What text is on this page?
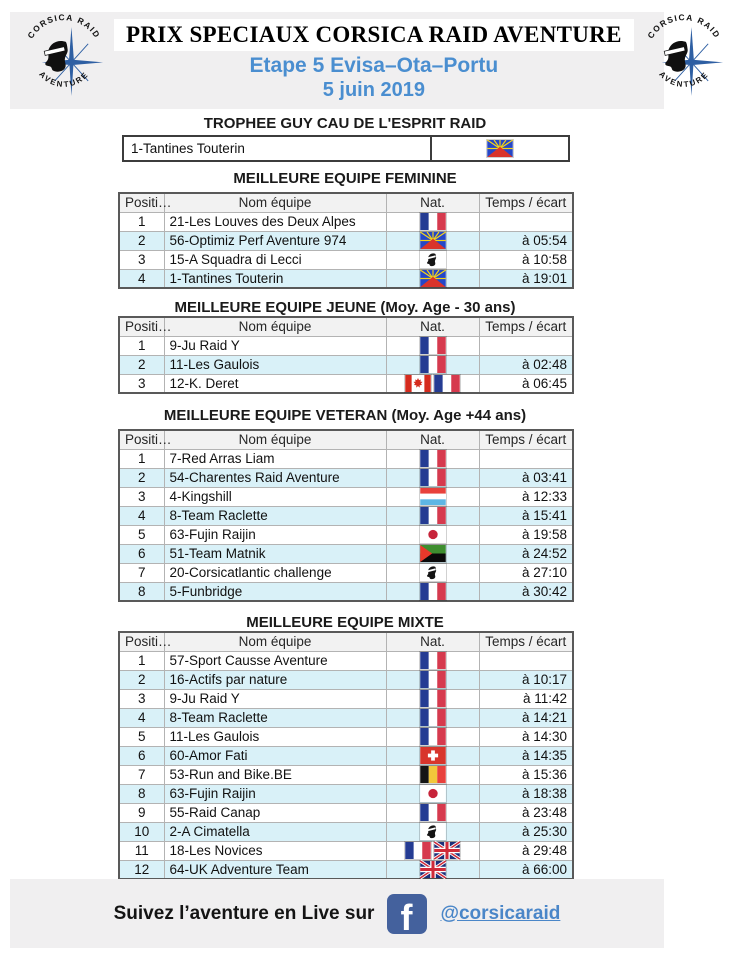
CORSICA RAID
AVENTURE
PRIX SPECIAUX CORSICA RAID AVENTURE
Etape 5 Evisa–Ota–Portu
5 juin 2019
CORSICA RAID
AVENTURE
TROPHEE GUY CAU DE L'ESPRIT RAID
1-Tantines Touterin
MEILLEURE EQUIPE FEMININE
Positi…	Nom équipe	Nat.	Temps / écart
1	21-Les Louves des Deux Alpes	

2	56-Optimiz Perf Aventure 974		à 05:54
3	15-A Squadra di Lecci		à 10:58
4	1-Tantines Touterin		à 19:01
MEILLEURE EQUIPE JEUNE (Moy. Age - 30 ans)
Positi…	Nom équipe	Nat.	Temps / écart
1	9-Ju Raid Y	

2	11-Les Gaulois		à 02:48
3	12-K. Deret		à 06:45
MEILLEURE EQUIPE VETERAN (Moy. Age +44 ans)
Positi…	Nom équipe	Nat.	Temps / écart
1	7-Red Arras Liam	

2	54-Charentes Raid Aventure		à 03:41
3	4-Kingshill		à 12:33
4	8-Team Raclette		à 15:41
5	63-Fujin Raijin		à 19:58
6	51-Team Matnik		à 24:52
7	20-Corsicatlantic challenge		à 27:10
8	5-Funbridge		à 30:42
MEILLEURE EQUIPE MIXTE
Positi…	Nom équipe	Nat.	Temps / écart
1	57-Sport Causse Aventure	

2	16-Actifs par nature		à 10:17
3	9-Ju Raid Y		à 11:42
4	8-Team Raclette		à 14:21
5	11-Les Gaulois		à 14:30
6	60-Amor Fati		à 14:35
7	53-Run and Bike.BE		à 15:36
8	63-Fujin Raijin		à 18:38
9	55-Raid Canap		à 23:48
10	2-A Cimatella		à 25:30
11	18-Les Novices		à 29:48
12	64-UK Adventure Team		à 66:00
Suivez l’aventure en Live sur f @corsicaraid
